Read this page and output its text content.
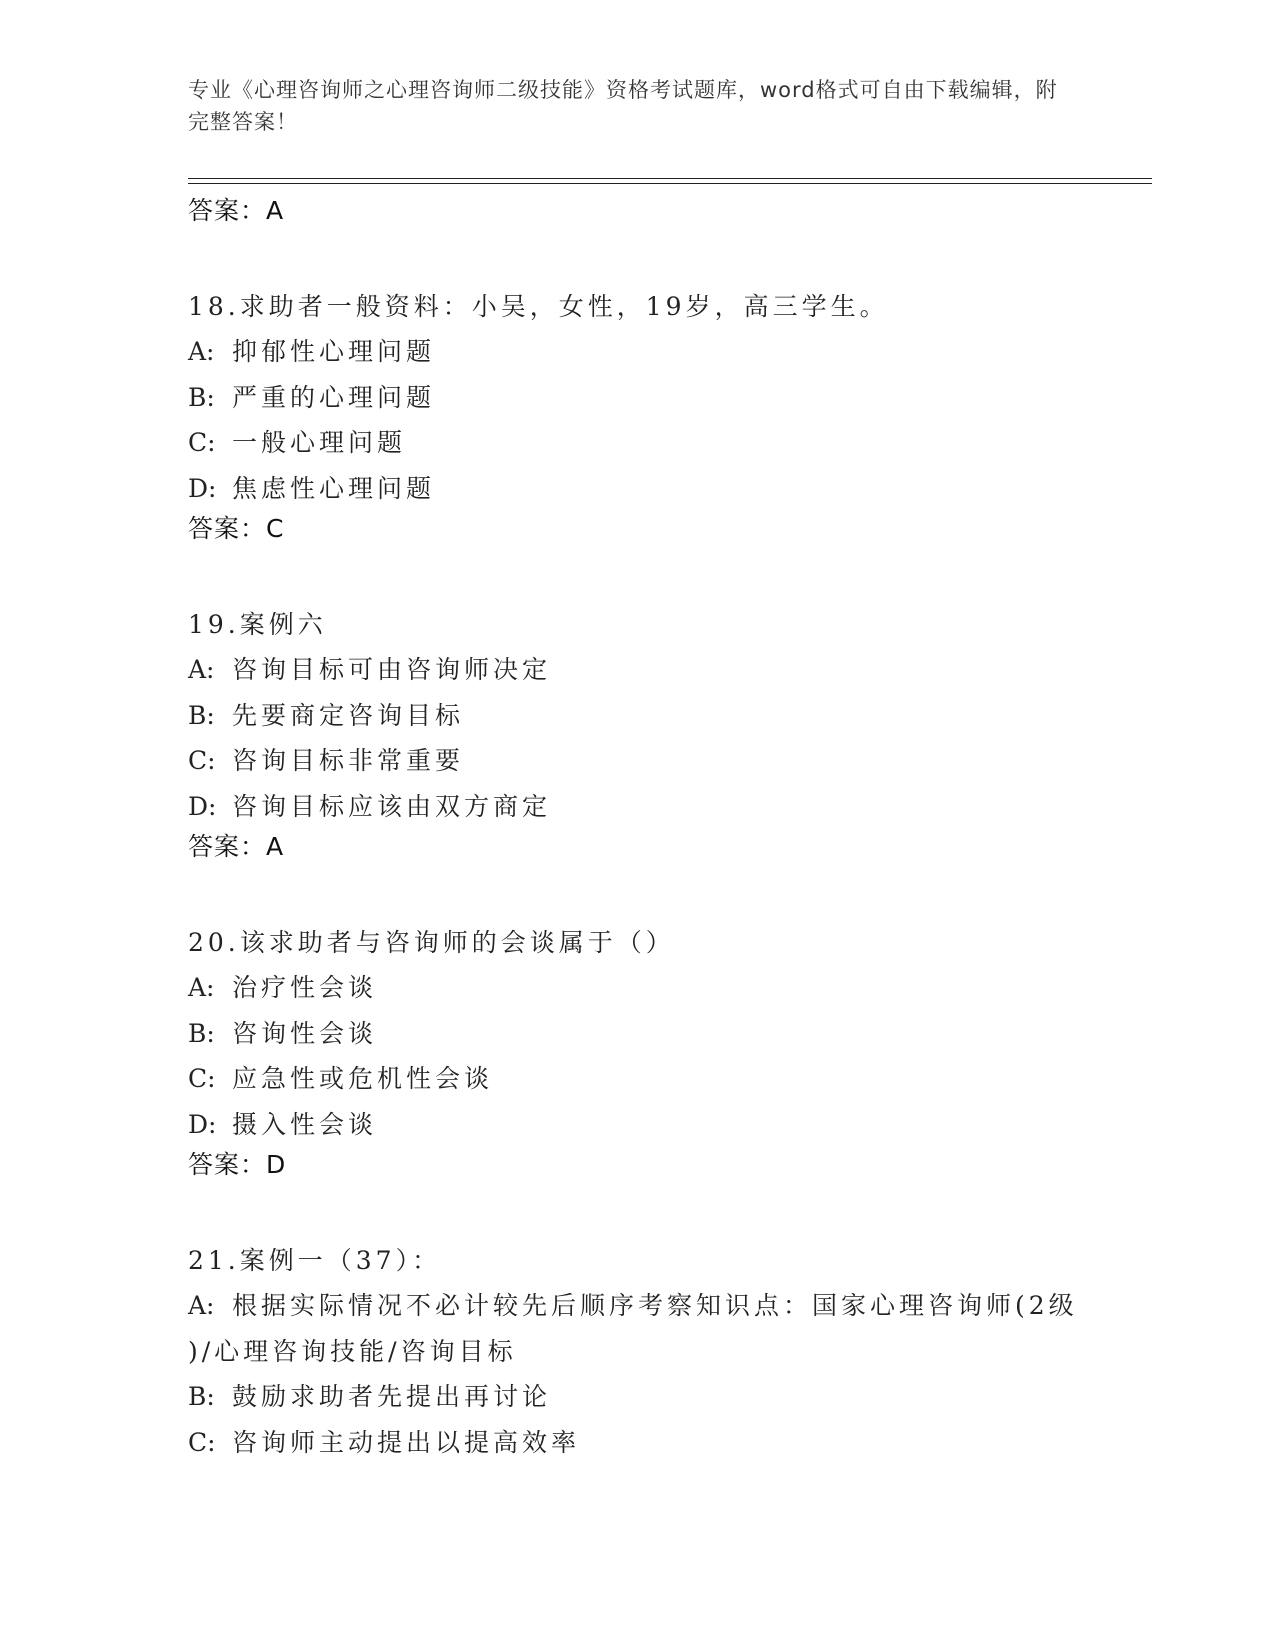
专业《心理咨询师之心理咨询师二级技能》资格考试题库，word格式可自由下载编辑，附完整答案！
答案：A
18.求助者一般资料：小吴，女性，19岁，高三学生。
A: 抑郁性心理问题
B: 严重的心理问题
C: 一般心理问题
D: 焦虑性心理问题
答案：C
19.案例六
A: 咨询目标可由咨询师决定
B: 先要商定咨询目标
C: 咨询目标非常重要
D: 咨询目标应该由双方商定
答案：A
20.该求助者与咨询师的会谈属于（）
A: 治疗性会谈
B: 咨询性会谈
C: 应急性或危机性会谈
D: 摄入性会谈
答案：D
21.案例一（37）：
A: 根据实际情况不必计较先后顺序考察知识点：国家心理咨询师(2级
)/心理咨询技能/咨询目标
B: 鼓励求助者先提出再讨论
C: 咨询师主动提出以提高效率
